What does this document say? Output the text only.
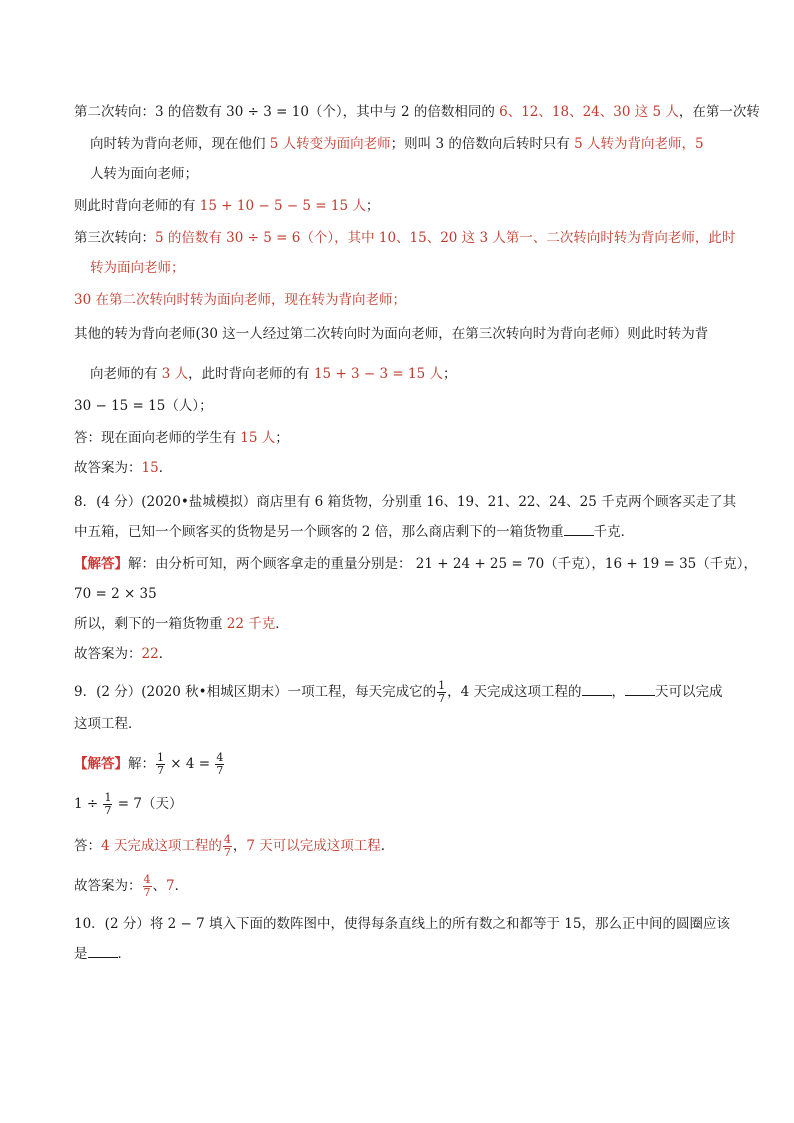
第二次转向：3 的倍数有 30 ÷ 3 = 10（个），其中与 2 的倍数相同的 6、12、18、24、30 这 5 人，在第一次转
向时转为背向老师，现在他们 5 人转变为面向老师；则叫 3 的倍数向后转时只有 5 人转为背向老师，5
人转为面向老师；
则此时背向老师的有 15 + 10 − 5 − 5 = 15 人；
第三次转向：5 的倍数有 30 ÷ 5 = 6（个），其中 10、15、20 这 3 人第一、二次转向时转为背向老师，此时
转为面向老师；
30 在第二次转向时转为面向老师，现在转为背向老师；
其他的转为背向老师(30 这一人经过第二次转向时为面向老师，在第三次转向时为背向老师）则此时转为背
向老师的有 3 人，此时背向老师的有 15 + 3 − 3 = 15 人；
30 − 15 = 15（人）；
答：现在面向老师的学生有 15 人；
故答案为：15．
8．(4 分）(2020•盐城模拟）商店里有 6 箱货物，分别重 16、19、21、22、24、25 千克两个顾客买走了其
中五箱，已知一个顾客买的货物是另一个顾客的 2 倍，那么商店剩下的一箱货物重 千克．
【解答】解：由分析可知，两个顾客拿走的重量分别是： 21 + 24 + 25 = 70（千克），16 + 19 = 35（千克），
70 = 2 × 35
所以，剩下的一箱货物重 22 千克．
故答案为：22．
9．(2 分）(2020 秋•相城区期末）一项工程，每天完成它的 $\frac{1}{7}$ ，4 天完成这项工程的 ， 天可以完成
这项工程．
【解答】解： $\frac{1}{7} \times 4 = \frac{4}{7}$
$1 \div \frac{1}{7} = 7$（天）
答：4 天完成这项工程的 $\frac{4}{7}$ ，7 天可以完成这项工程．
故答案为： $\frac{4}{7}$ 、7．
10．(2 分）将 2 − 7 填入下面的数阵图中，使得每条直线上的所有数之和都等于 15，那么正中间的圆圈应该
是 ．
